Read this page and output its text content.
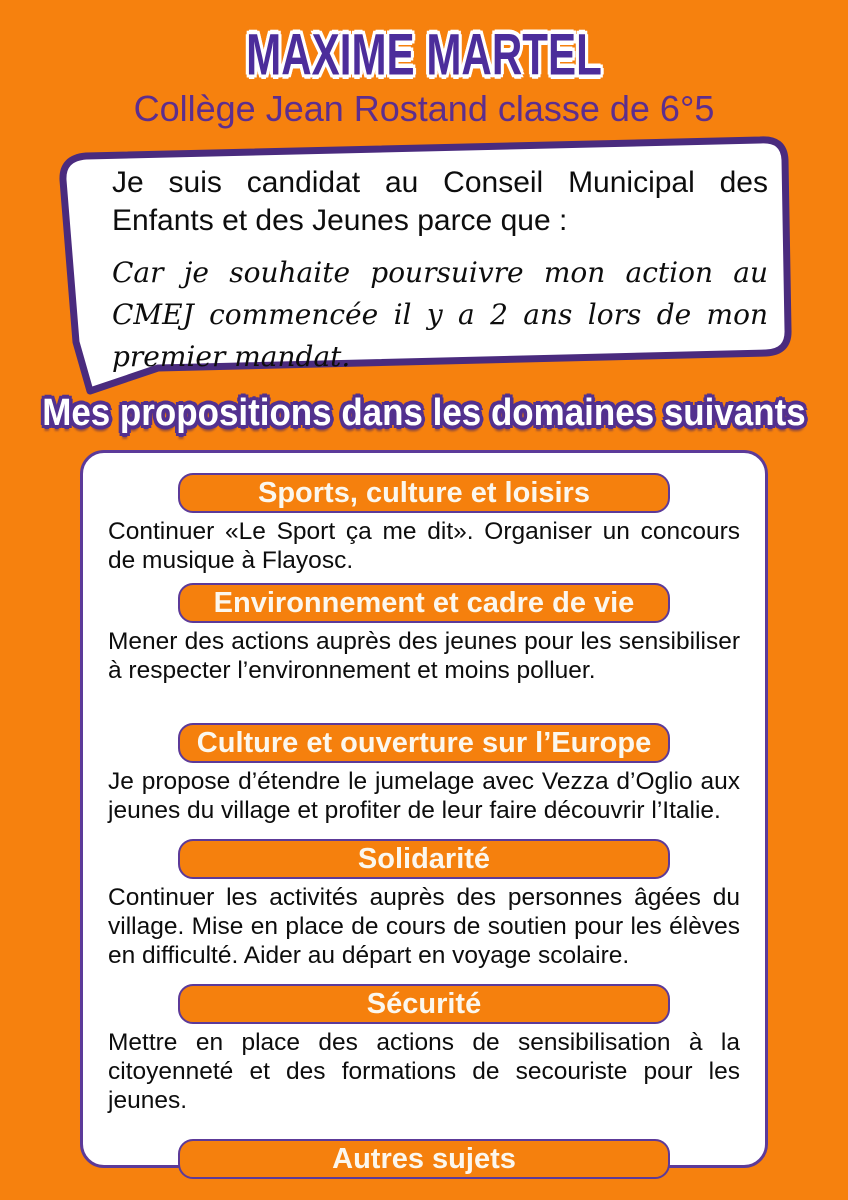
MAXIME MARTEL
Collège Jean Rostand classe de 6°5

Je suis candidat au Conseil Municipal des Enfants et des Jeunes parce que :

Car je souhaite poursuivre mon action au CMEJ commencée il y a 2 ans lors de mon premier mandat.

Mes propositions dans les domaines suivants
Sports, culture et loisirs

Continuer «Le Sport ça me dit». Organiser un concours de musique à Flayosc.

Environnement et cadre de vie

Mener des actions auprès des jeunes pour les sensibiliser à respecter l’environnement et moins polluer.

Culture et ouverture sur l’Europe

Je propose d’étendre le jumelage avec Vezza d’Oglio aux jeunes du village et profiter de leur faire découvrir l’Italie.

Solidarité

Continuer les activités auprès des personnes âgées du village. Mise en place de cours de soutien pour les élèves en difficulté. Aider au départ en voyage scolaire.

Sécurité

Mettre en place des actions de sensibilisation à la citoyenneté et des formations de secouriste pour les jeunes.

Autres sujets
